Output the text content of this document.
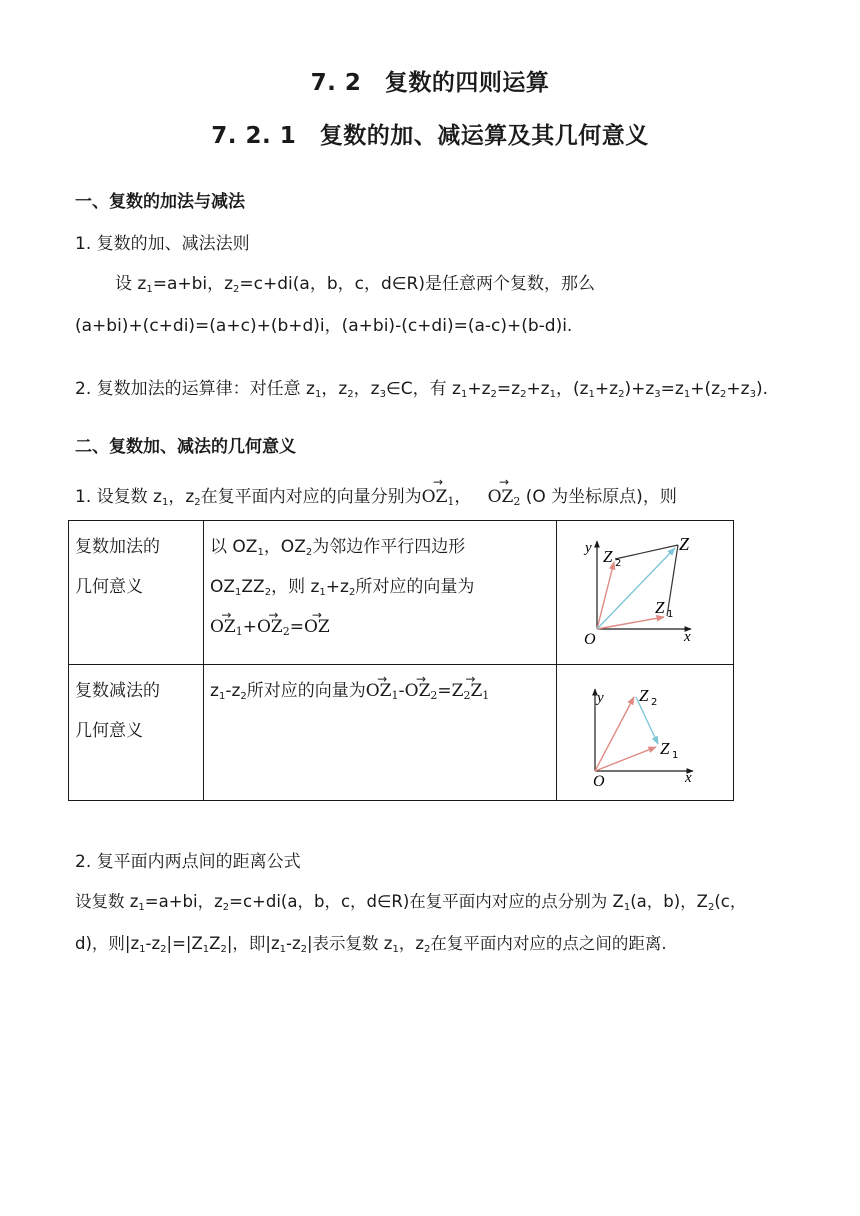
7. 2　复数的四则运算
7. 2. 1　复数的加、减运算及其几何意义
一、复数的加法与减法
1. 复数的加、减法法则
设 $z_1=a+bi$，$z_2=c+di(a$，b，c，d∈R)是任意两个复数，那么
(a+bi)+(c+di)=(a+c)+(b+d)i，(a+bi)-(c+di)=(a-c)+(b-d)i.
2. 复数加法的运算律：对任意 $z_1$，$z_2$，$z_3\in C$，有 $z_1+z_2=z_2+z_1$，$(z_1+z_2)+z_3=z_1+(z_2+z_3)$.
二、复数加、减法的几何意义
1. 设复数 $z_1$，$z_2$在复平面内对应的向量分别为→ $OZ_1$，   → $OZ_2$ (O 为坐标原点)，则
复数加法的
几何意义

以 $OZ_1$，$OZ_2$为邻边作平行四边形
$OZ_1ZZ_2$，则 $z_1+z_2$所对应的向量为
→ $OZ_1+\to OZ_2=\to$ OZ

y Z 2
Z
Z 1
O	x

复数减法的
几何意义

$z_1-z_2$所对应的向量为→ $OZ_1-\to OZ_2=\to Z_2Z_1$	y Z 2
Z 1
O	x
2. 复平面内两点间的距离公式
设复数 $z_1=a+bi$，$z_2=c+di(a$，b，c，d∈R)在复平面内对应的点分别为 $Z_1(a$，b)，$Z_2(c$，
d)，则$|z_1-z_2|=|Z_1Z_2|$，即$|z_1-z_2|$表示复数 $z_1$，$z_2$在复平面内对应的点之间的距离.
